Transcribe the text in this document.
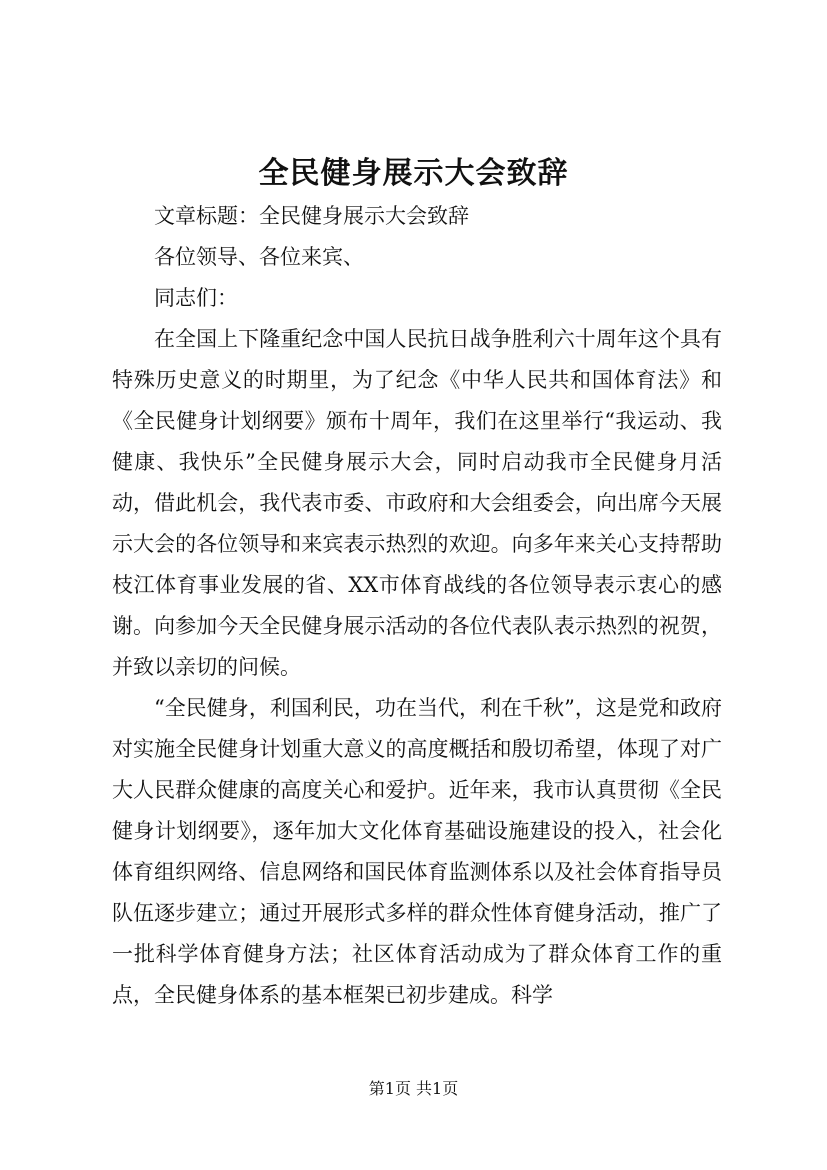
全民健身展示大会致辞

文章标题：全民健身展示大会致辞

各位领导、各位来宾、

同志们：

在全国上下隆重纪念中国人民抗日战争胜利六十周年这个具有特殊历史意义的时期里，为了纪念《中华人民共和国体育法》和《全民健身计划纲要》颁布十周年，我们在这里举行“我运动、我健康、我快乐”全民健身展示大会，同时启动我市全民健身月活动，借此机会，我代表市委、市政府和大会组委会，向出席今天展示大会的各位领导和来宾表示热烈的欢迎。向多年来关心支持帮助枝江体育事业发展的省、XX市体育战线的各位领导表示衷心的感谢。向参加今天全民健身展示活动的各位代表队表示热烈的祝贺，并致以亲切的问候。

“全民健身，利国利民，功在当代，利在千秋”，这是党和政府对实施全民健身计划重大意义的高度概括和殷切希望，体现了对广大人民群众健康的高度关心和爱护。近年来，我市认真贯彻《全民健身计划纲要》，逐年加大文化体育基础设施建设的投入，社会化体育组织网络、信息网络和国民体育监测体系以及社会体育指导员队伍逐步建立；通过开展形式多样的群众性体育健身活动，推广了一批科学体育健身方法；社区体育活动成为了群众体育工作的重点，全民健身体系的基本框架已初步建成。科学

第1页 共1页
